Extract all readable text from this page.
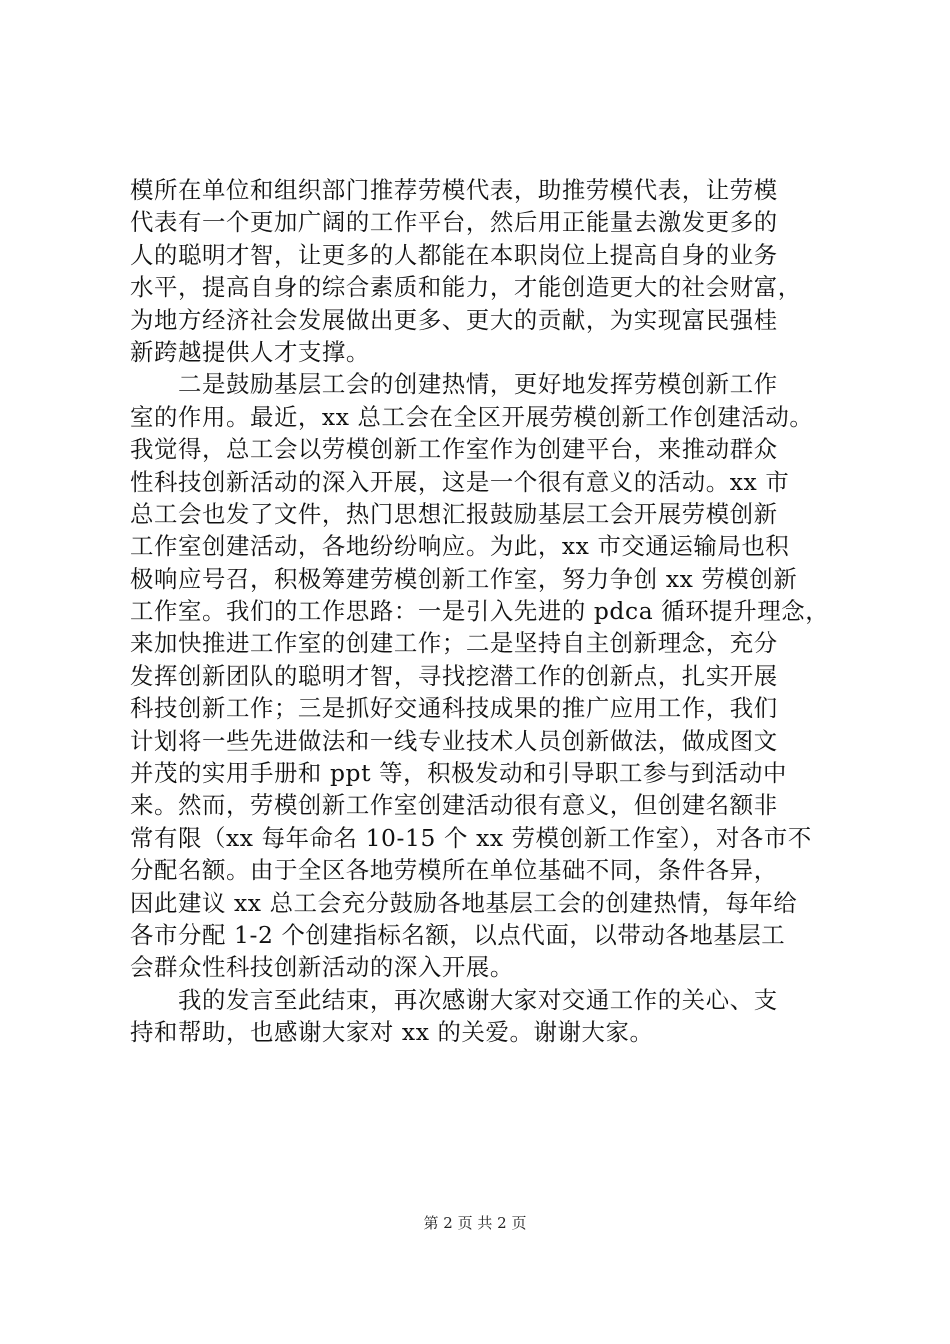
模所在单位和组织部门推荐劳模代表，助推劳模代表，让劳模
代表有一个更加广阔的工作平台，然后用正能量去激发更多的
人的聪明才智，让更多的人都能在本职岗位上提高自身的业务
水平，提高自身的综合素质和能力，才能创造更大的社会财富，
为地方经济社会发展做出更多、更大的贡献，为实现富民强桂
新跨越提供人才支撑。
　　二是鼓励基层工会的创建热情，更好地发挥劳模创新工作
室的作用。最近，xx 总工会在全区开展劳模创新工作创建活动。
我觉得，总工会以劳模创新工作室作为创建平台，来推动群众
性科技创新活动的深入开展，这是一个很有意义的活动。xx 市
总工会也发了文件，热门思想汇报鼓励基层工会开展劳模创新
工作室创建活动，各地纷纷响应。为此，xx 市交通运输局也积
极响应号召，积极筹建劳模创新工作室，努力争创 xx 劳模创新
工作室。我们的工作思路：一是引入先进的 pdca 循环提升理念，
来加快推进工作室的创建工作；二是坚持自主创新理念，充分
发挥创新团队的聪明才智，寻找挖潜工作的创新点，扎实开展
科技创新工作；三是抓好交通科技成果的推广应用工作，我们
计划将一些先进做法和一线专业技术人员创新做法，做成图文
并茂的实用手册和 ppt 等，积极发动和引导职工参与到活动中
来。然而，劳模创新工作室创建活动很有意义，但创建名额非
常有限（xx 每年命名 10-15 个 xx 劳模创新工作室），对各市不
分配名额。由于全区各地劳模所在单位基础不同，条件各异，
因此建议 xx 总工会充分鼓励各地基层工会的创建热情，每年给
各市分配 1-2 个创建指标名额，以点代面，以带动各地基层工
会群众性科技创新活动的深入开展。
　　我的发言至此结束，再次感谢大家对交通工作的关心、支
持和帮助，也感谢大家对 xx 的关爱。谢谢大家。
第 2 页 共 2 页
